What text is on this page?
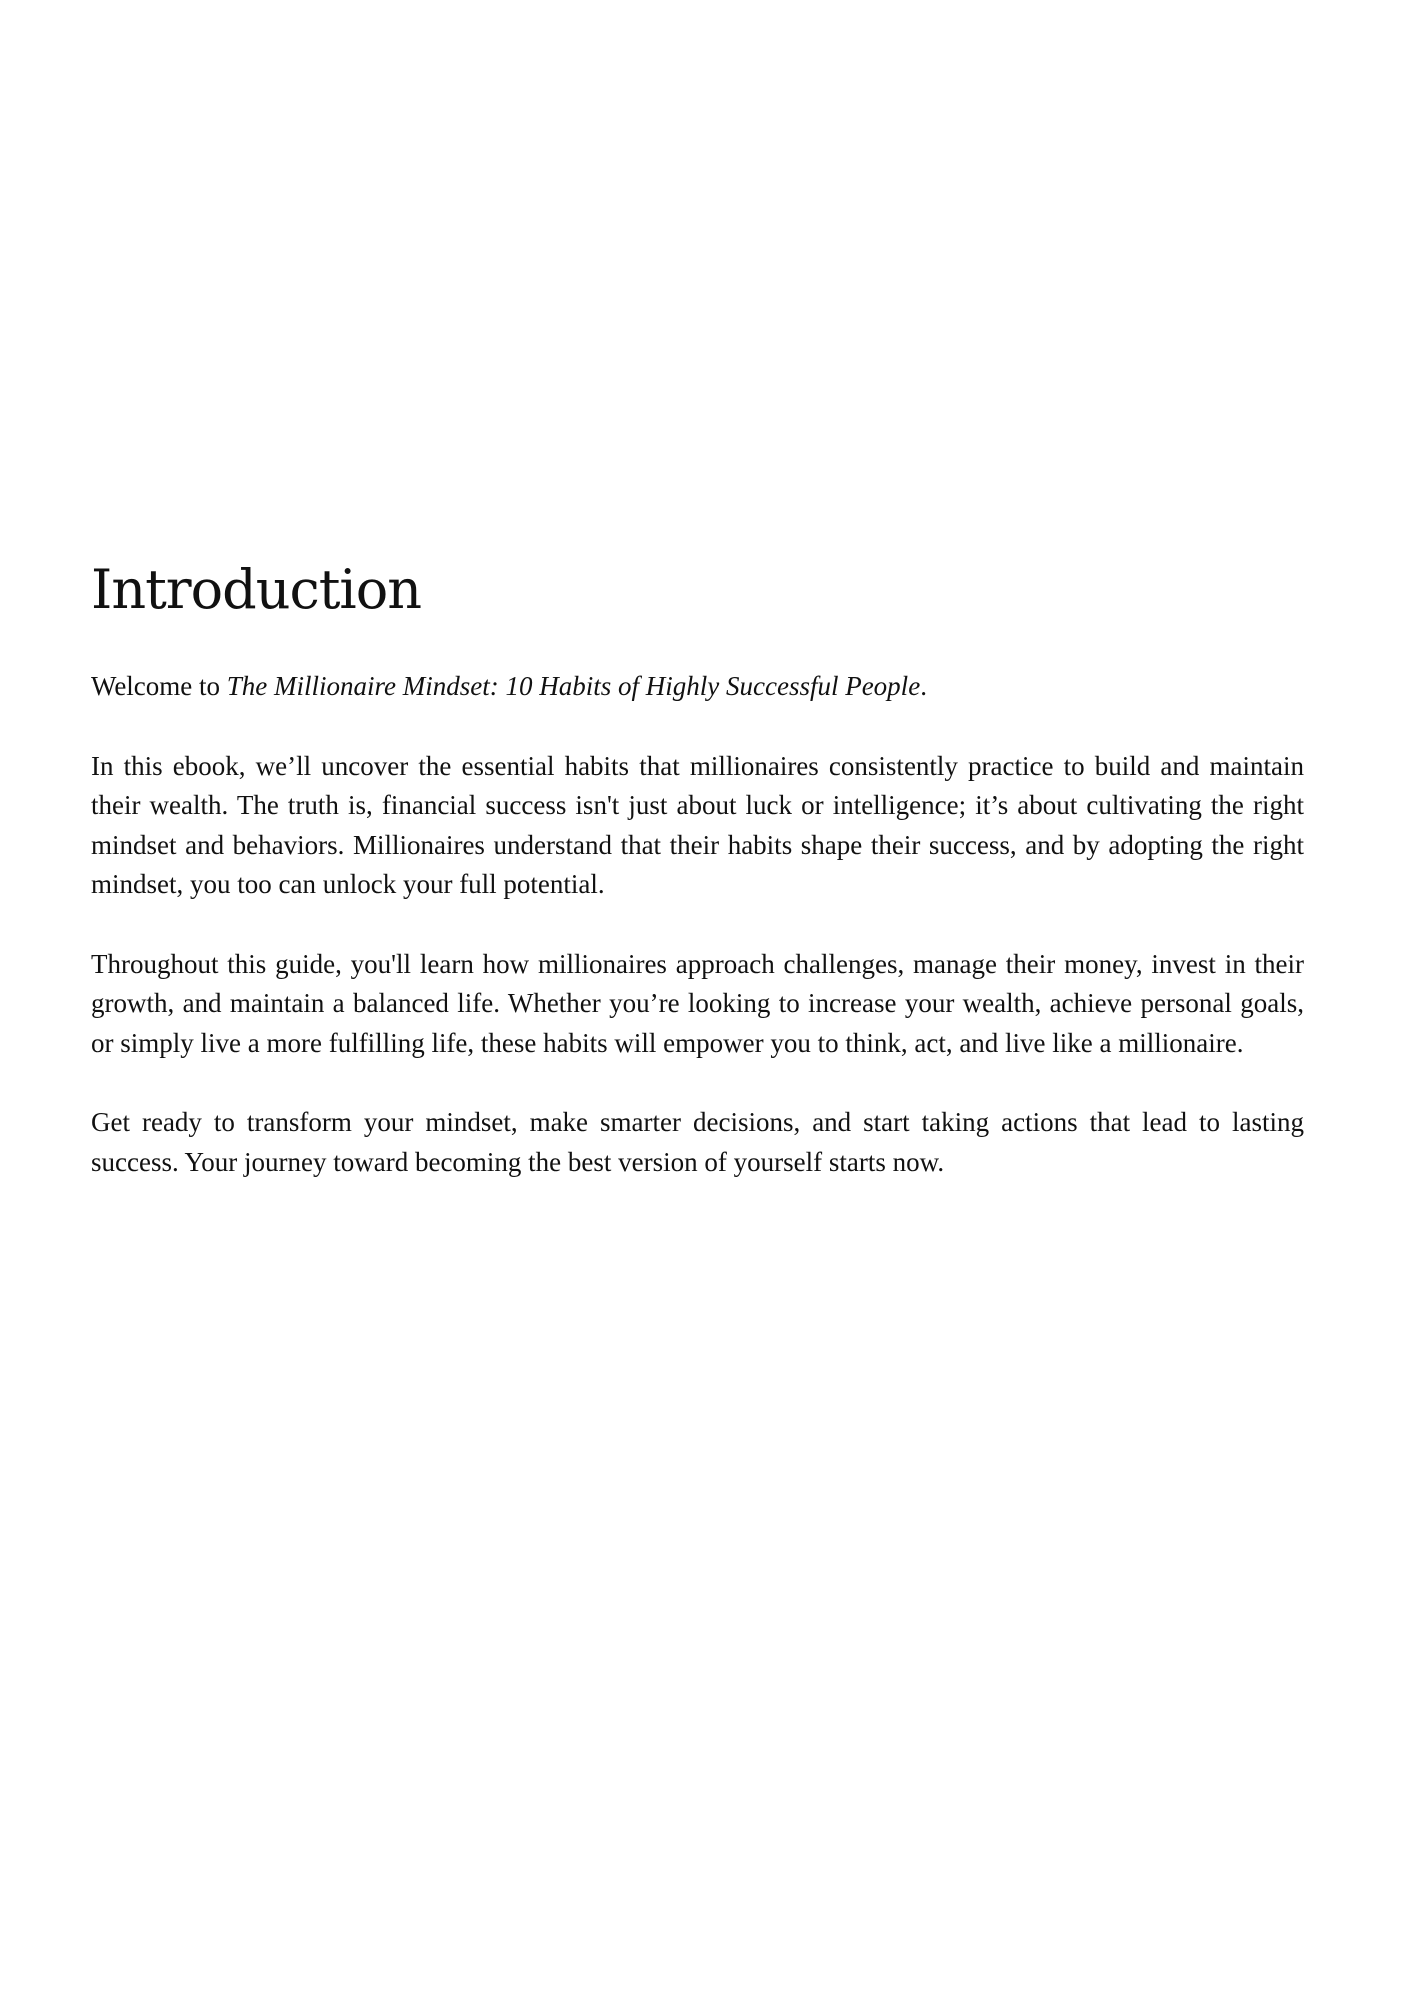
Introduction

Welcome to The Millionaire Mindset: 10 Habits of Highly Successful People.

In this ebook, we’ll uncover the essential habits that millionaires consistently practice to build and maintain their wealth. The truth is, financial success isn't just about luck or intelligence; it’s about cultivating the right mindset and behaviors. Millionaires understand that their habits shape their success, and by adopting the right mindset, you too can unlock your full potential.

Throughout this guide, you'll learn how millionaires approach challenges, manage their money, invest in their growth, and maintain a balanced life. Whether you’re looking to increase your wealth, achieve personal goals, or simply live a more fulfilling life, these habits will empower you to think, act, and live like a millionaire.

Get ready to transform your mindset, make smarter decisions, and start taking actions that lead to lasting success. Your journey toward becoming the best version of yourself starts now.
